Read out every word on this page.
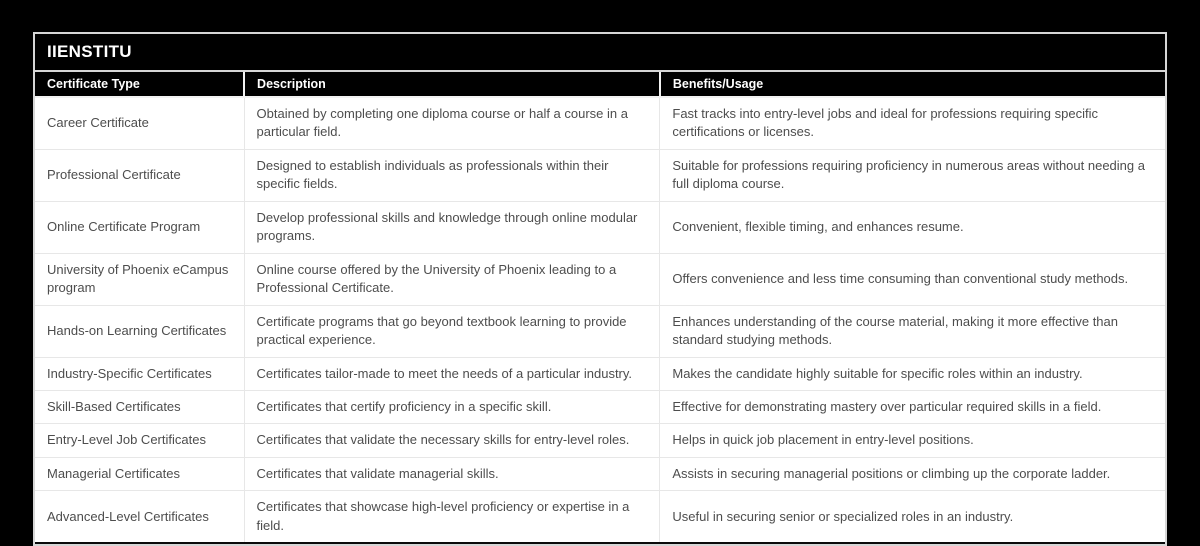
IIENSTITU
Certificate Type	Description	Benefits/Usage
Career Certificate	Obtained by completing one diploma course or half a course in a particular field.	Fast tracks into entry-level jobs and ideal for professions requiring specific certifications or licenses.
Professional Certificate	Designed to establish individuals as professionals within their specific fields.	Suitable for professions requiring proficiency in numerous areas without needing a full diploma course.
Online Certificate Program	Develop professional skills and knowledge through online modular programs.	Convenient, flexible timing, and enhances resume.
University of Phoenix eCampus program	Online course offered by the University of Phoenix leading to a Professional Certificate.	Offers convenience and less time consuming than conventional study methods.
Hands-on Learning Certificates	Certificate programs that go beyond textbook learning to provide practical experience.	Enhances understanding of the course material, making it more effective than standard studying methods.
Industry-Specific Certificates	Certificates tailor-made to meet the needs of a particular industry.	Makes the candidate highly suitable for specific roles within an industry.
Skill-Based Certificates	Certificates that certify proficiency in a specific skill.	Effective for demonstrating mastery over particular required skills in a field.
Entry-Level Job Certificates	Certificates that validate the necessary skills for entry-level roles.	Helps in quick job placement in entry-level positions.
Managerial Certificates	Certificates that validate managerial skills.	Assists in securing managerial positions or climbing up the corporate ladder.
Advanced-Level Certificates	Certificates that showcase high-level proficiency or expertise in a field.	Useful in securing senior or specialized roles in an industry.
